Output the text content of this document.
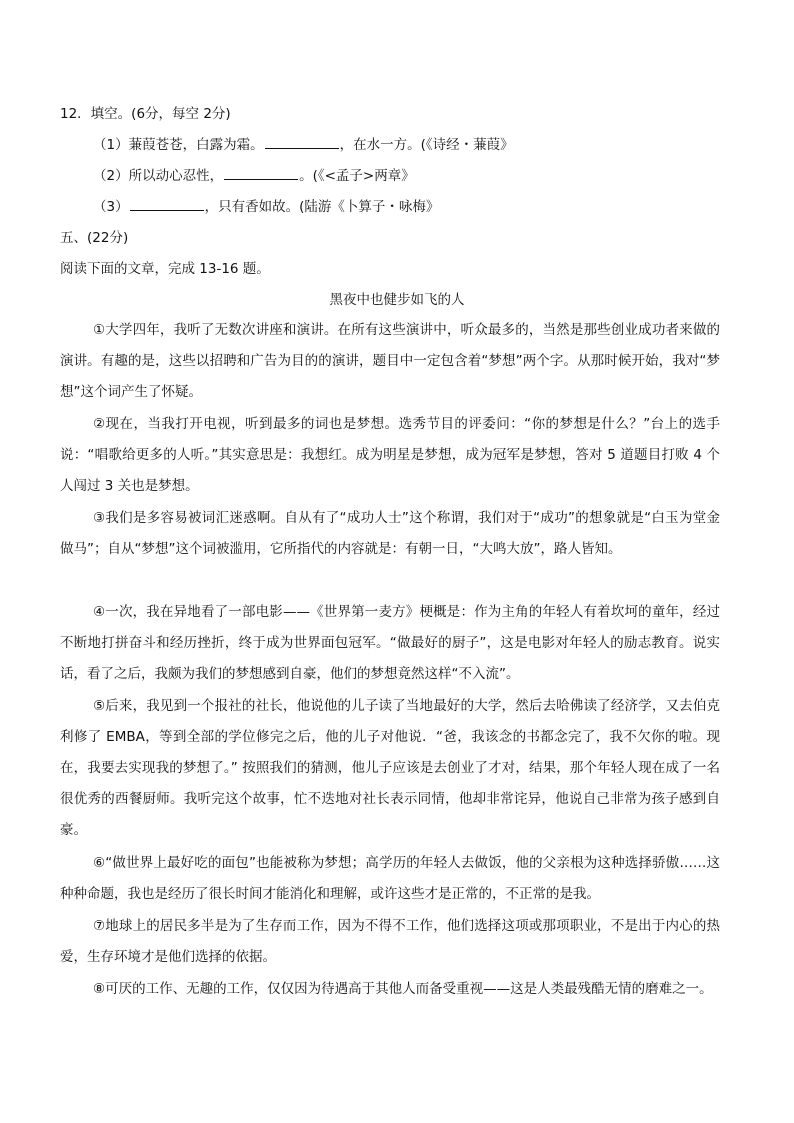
12．填空。(6分，每空 2分)
（1）蒹葭苍苍，白露为霜。	，在水一方。(《诗经・蒹葭》
（2）所以动心忍性，	。(《<孟子>两章》
（3）	，只有香如故。(陆游《卜算子・咏梅》
五、(22分)
阅读下面的文章，完成 13-16 题。
黑夜中也健步如飞的人

①大学四年，我听了无数次讲座和演讲。在所有这些演讲中，听众最多的，当然是那些创业成功者来做的演讲。有趣的是，这些以招聘和广告为目的的演讲，题目中一定包含着“梦想”两个字。从那时候开始，我对“梦想”这个词产生了怀疑。

②现在，当我打开电视，听到最多的词也是梦想。选秀节目的评委问：“你的梦想是什么？”台上的选手说：“唱歌给更多的人听。”其实意思是：我想红。成为明星是梦想，成为冠军是梦想，答对 5 道题目打败 4 个人闯过 3 关也是梦想。

③我们是多容易被词汇迷惑啊。自从有了“成功人士”这个称谓，我们对于“成功”的想象就是“白玉为堂金做马”；自从“梦想”这个词被滥用，它所指代的内容就是：有朝一日，“大鸣大放”，路人皆知。

④一次，我在异地看了一部电影——《世界第一麦方》梗概是：作为主角的年轻人有着坎坷的童年，经过不断地打拼奋斗和经历挫折，终于成为世界面包冠军。“做最好的厨子”，这是电影对年轻人的励志教育。说实话，看了之后，我颇为我们的梦想感到自豪，他们的梦想竟然这样“不入流”。

⑤后来，我见到一个报社的社长，他说他的儿子读了当地最好的大学，然后去哈佛读了经济学，又去伯克利修了 EMBA，等到全部的学位修完之后，他的儿子对他说．“爸，我该念的书都念完了，我不欠你的啦。现在，我要去实现我的梦想了。” 按照我们的猜测，他儿子应该是去创业了才对，结果，那个年轻人现在成了一名很优秀的西餐厨师。我听完这个故事，忙不迭地对社长表示同情，他却非常诧异，他说自己非常为孩子感到自豪。

⑥“做世界上最好吃的面包”也能被称为梦想；高学历的年轻人去做饭，他的父亲根为这种选择骄傲……这种种命题，我也是经历了很长时间才能消化和理解，或许这些才是正常的，不正常的是我。

⑦地球上的居民多半是为了生存而工作，因为不得不工作，他们选择这项或那项职业，不是出于内心的热爱，生存环境才是他们选择的依据。

⑧可厌的工作、无趣的工作，仅仅因为待遇高于其他人而备受重视——这是人类最残酷无情的磨难之一。
